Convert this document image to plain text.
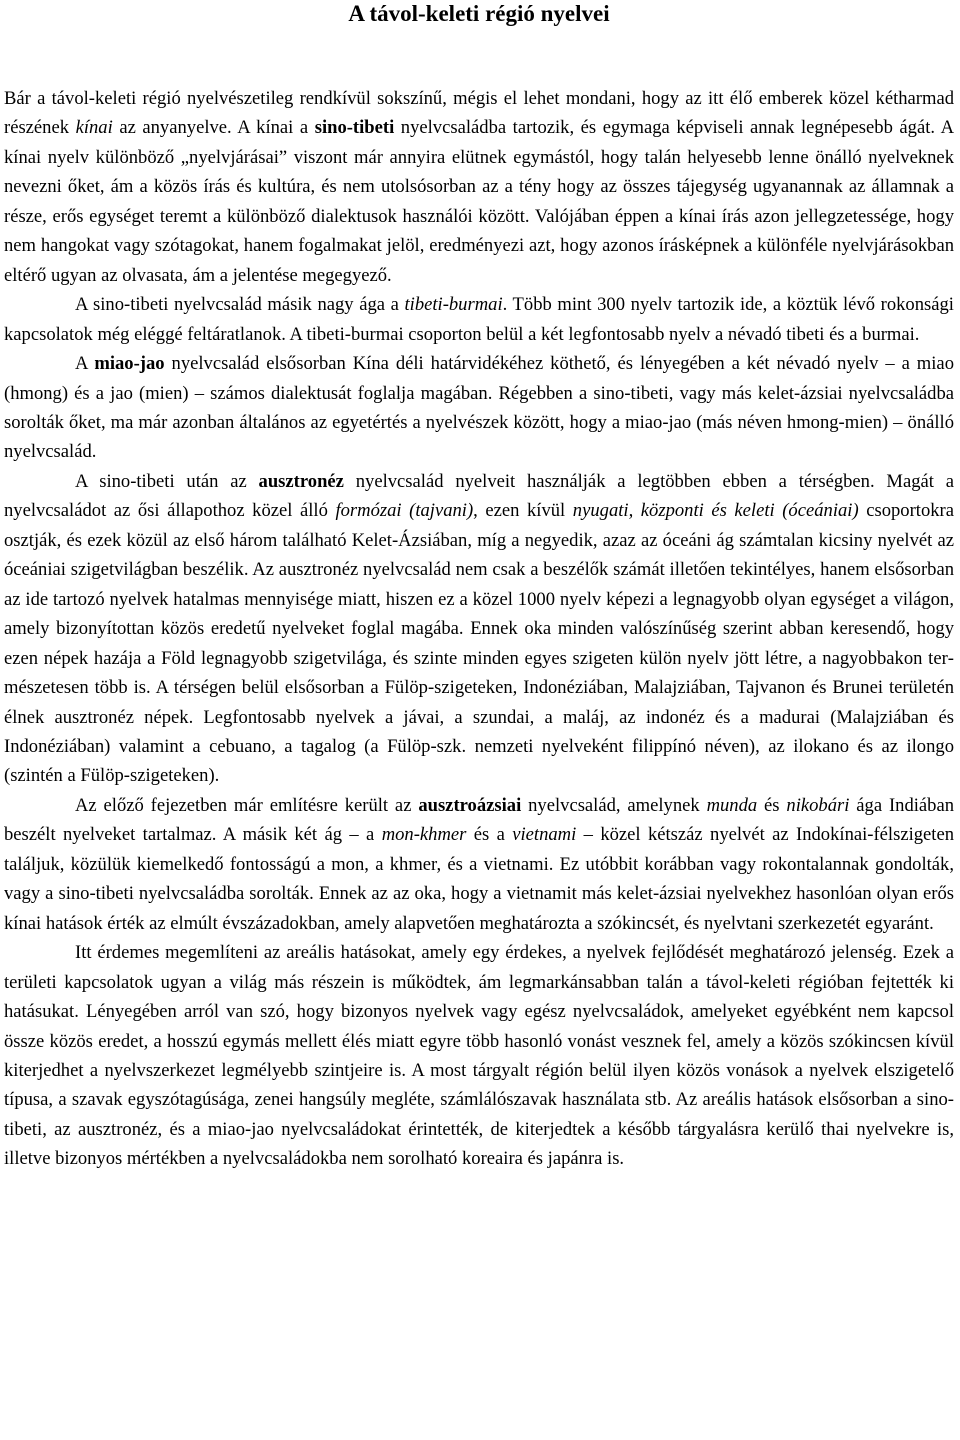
A távol-keleti régió nyelvei

Bár a távol-keleti régió nyelvészetileg rendkívül sokszínű, mégis el lehet mondani, hogy az itt élő emberek közel kétharmad részének kínai az anyanyelve. A kínai a sino-tibeti nyelvcsaládba tartozik, és egymaga képviseli annak legnépesebb ágát. A kínai nyelv különböző „nyelvjárásai” viszont már annyira elütnek egymástól, hogy talán helyesebb lenne önálló nyelveknek nevezni őket, ám a közös írás és kultúra, és nem utolsósorban az a tény hogy az összes tájegység ugyanannak az államnak a része, erős egységet teremt a különböző dialektusok használói között. Valójában éppen a kínai írás azon jellegzetessége, hogy nem hangokat vagy szótagokat, hanem fogalmakat jelöl, eredményezi azt, hogy azonos írásképnek a különféle nyelvjárásokban eltérő ugyan az olvasata, ám a jelentése megegyező.

A sino-tibeti nyelvcsalád másik nagy ága a tibeti-burmai. Több mint 300 nyelv tartozik ide, a köztük lévő rokonsági kapcsolatok még eléggé feltáratlanok. A tibeti-burmai csoporton belül a két legfontosabb nyelv a névadó tibeti és a burmai.

A miao-jao nyelvcsalád elsősorban Kína déli határvidékéhez köthető, és lényegében a két névadó nyelv – a miao (hmong) és a jao (mien) – számos dialektusát foglalja magában. Régebben a sino-tibeti, vagy más kelet-ázsiai nyelvcsaládba sorolták őket, ma már azonban általános az egyetértés a nyelvészek között, hogy a miao-jao (más néven hmong-mien) – önálló nyelvcsalád.

A sino-tibeti után az ausztronéz nyelvcsalád nyelveit használják a legtöbben ebben a térségben. Magát a nyelvcsaládot az ősi állapothoz közel álló formózai (tajvani), ezen kívül nyugati, központi és keleti (óceániai) csoportokra osztják, és ezek közül az első három található Kelet-Ázsiában, míg a negyedik, azaz az óceáni ág számtalan kicsiny nyelvét az óceániai szigetvilágban beszélik. Az ausztronéz nyelvcsalád nem csak a beszélők számát illetően tekintélyes, hanem elsősorban az ide tartozó nyelvek hatalmas mennyisége miatt, hiszen ez a közel 1000 nyelv képezi a legnagyobb olyan egységet a világon, amely bizonyítottan közös eredetű nyelveket foglal magába. Ennek oka minden valószínűség szerint abban keresendő, hogy ezen népek hazája a Föld legnagyobb szigetvilága, és szinte minden egyes szigeten külön nyelv jött létre, a nagyobbakon természetesen több is. A térségen belül elsősorban a Fülöp-szigeteken, Indonéziában, Malajziában, Tajvanon és Brunei területén élnek ausztronéz népek. Legfontosabb nyelvek a jávai, a szundai, a maláj, az indonéz és a madurai (Malajziában és Indonéziában) valamint a cebuano, a tagalog (a Fülöp-szk. nemzeti nyelveként filippínó néven), az ilokano és az ilongo (szintén a Fülöp-szigeteken).

Az előző fejezetben már említésre került az ausztroázsiai nyelvcsalád, amelynek munda és nikobári ága Indiában beszélt nyelveket tartalmaz. A másik két ág – a mon-khmer és a vietnami – közel kétszáz nyelvét az Indokínai-félszigeten találjuk, közülük kiemelkedő fontosságú a mon, a khmer, és a vietnami. Ez utóbbit korábban vagy rokontalannak gondolták, vagy a sino-tibeti nyelvcsaládba sorolták. Ennek az az oka, hogy a vietnamit más kelet-ázsiai nyelvekhez hasonlóan olyan erős kínai hatások érték az elmúlt évszázadokban, amely alapvetően meghatározta a szókincsét, és nyelvtani szerkezetét egyaránt.

Itt érdemes megemlíteni az areális hatásokat, amely egy érdekes, a nyelvek fejlődését meghatározó jelenség. Ezek a területi kapcsolatok ugyan a világ más részein is működtek, ám legmarkánsabban talán a távol-keleti régióban fejtették ki hatásukat. Lényegében arról van szó, hogy bizonyos nyelvek vagy egész nyelvcsaládok, amelyeket egyébként nem kapcsol össze közös eredet, a hosszú egymás mellett élés miatt egyre több hasonló vonást vesznek fel, amely a közös szókincsen kívül kiterjedhet a nyelvszerkezet legmélyebb szintjeire is. A most tárgyalt régión belül ilyen közös vonások a nyelvek elszigetelő típusa, a szavak egyszótagúsága, zenei hangsúly megléte, számlálószavak használata stb. Az areális hatások elsősorban a sino-tibeti, az ausztronéz, és a miao-jao nyelvcsaládokat érintették, de kiterjedtek a később tárgyalásra kerülő thai nyelvekre is, illetve bizonyos mértékben a nyelvcsaládokba nem sorolható koreaira és japánra is.
